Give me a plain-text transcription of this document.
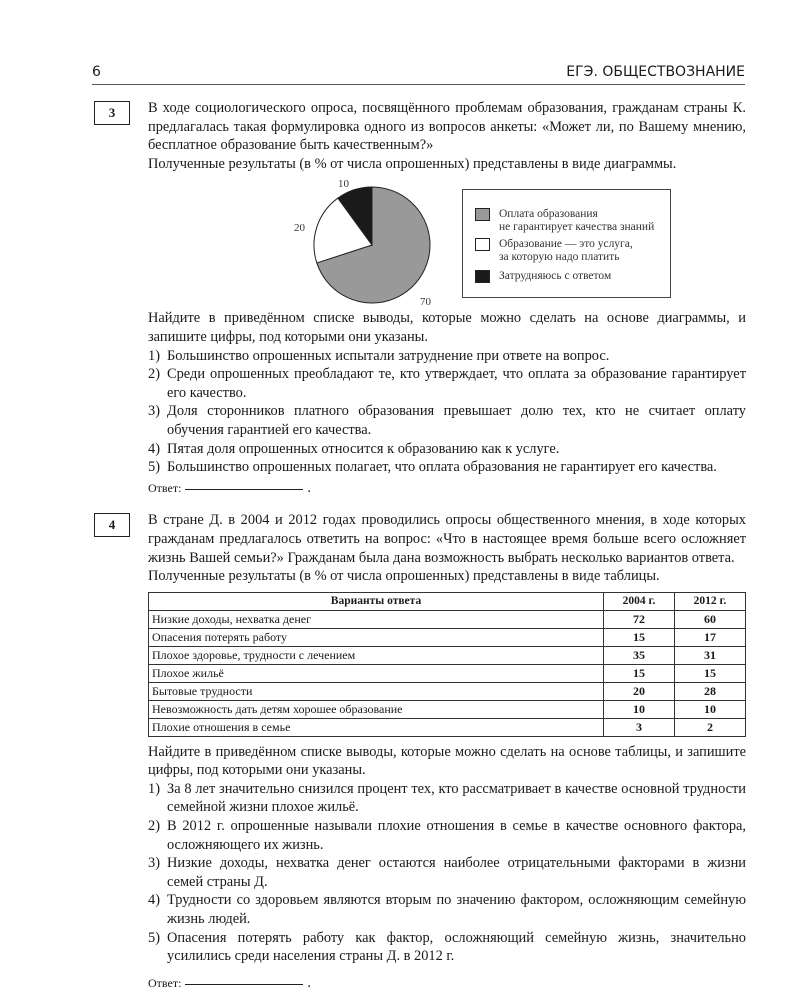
6	ЕГЭ. ОБЩЕСТВОЗНАНИЕ
3	В ходе социологического опроса, посвящённого проблемам образования, гражданам страны К. предлагалась такая формулировка одного из вопросов анкеты: «Может ли, по Вашему мнению, бесплатное образование быть качественным?»

Полученные результаты (в % от числа опрошенных) представлены в виде диаграммы.

70
20
10
Оплата образования
не гарантирует качества знаний
Образование — это услуга,
за которую надо платить
Затрудняюсь с ответом

Найдите в приведённом списке выводы, которые можно сделать на основе диаграммы, и запишите цифры, под которыми они указаны.

1) Большинство опрошенных испытали затруднение при ответе на вопрос.
2) Среди опрошенных преобладают те, кто утверждает, что оплата за образование гарантирует его качество.
3) Доля сторонников платного образования превышает долю тех, кто не считает оплату обучения гарантией его качества.
4) Пятая доля опрошенных относится к образованию как к услуге.
5) Большинство опрошенных полагает, что оплата образования не гарантирует его качества.
Ответ:	.
4	В стране Д. в 2004 и 2012 годах проводились опросы общественного мнения, в ходе которых гражданам предлагалось ответить на вопрос: «Что в настоящее время больше всего осложняет жизнь Вашей семьи?» Гражданам была дана возможность выбрать несколько вариантов ответа.

Полученные результаты (в % от числа опрошенных) представлены в виде таблицы.

Варианты ответа	2004 г.	2012 г.
Низкие доходы, нехватка денег	72	60
Опасения потерять работу	15	17
Плохое здоровье, трудности с лечением	35	31
Плохое жильё	15	15
Бытовые трудности	20	28
Невозможность дать детям хорошее образование	10	10
Плохие отношения в семье	3	2

Найдите в приведённом списке выводы, которые можно сделать на основе таблицы, и запишите цифры, под которыми они указаны.

1) За 8 лет значительно снизился процент тех, кто рассматривает в качестве основной трудности семейной жизни плохое жильё.
2) В 2012 г. опрошенные называли плохие отношения в семье в качестве основного фактора, осложняющего их жизнь.
3) Низкие доходы, нехватка денег остаются наиболее отрицательными факторами в жизни семей страны Д.
4) Трудности со здоровьем являются вторым по значению фактором, осложняющим семейную жизнь людей.
5) Опасения потерять работу как фактор, осложняющий семейную жизнь, значительно усилились среди населения страны Д. в 2012 г.
Ответ:	.
